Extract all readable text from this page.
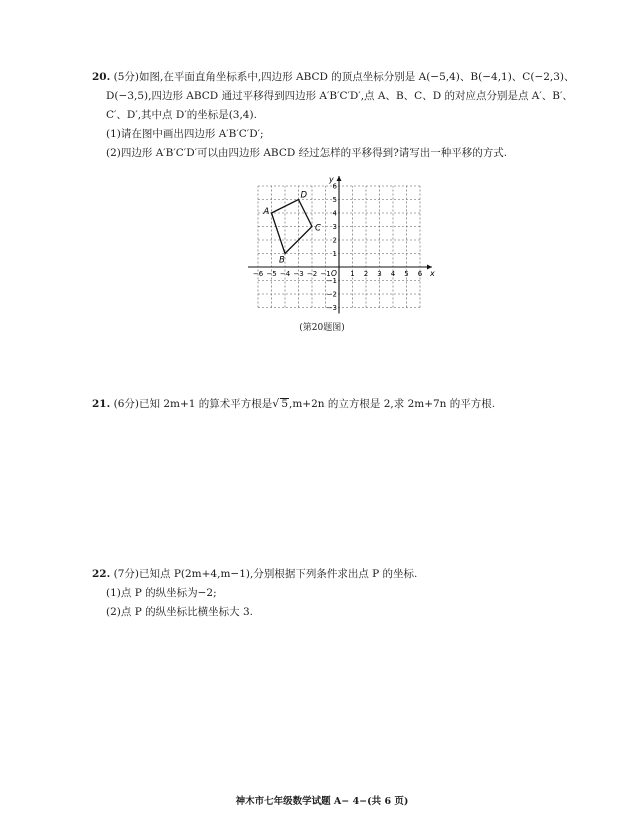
20. (5分)如图,在平面直角坐标系中,四边形 ABCD 的顶点坐标分别是 A(−5,4)、B(−4,1)、C(−2,3)、

D(−3,5),四边形 ABCD 通过平移得到四边形 A′B′C′D′,点 A、B、C、D 的对应点分别是点 A′、B′、

C′、D′,其中点 D′的坐标是(3,4).

(1)请在图中画出四边形 A′B′C′D′;

(2)四边形 A′B′C′D′可以由四边形 ABCD 经过怎样的平移得到?请写出一种平移的方式.

x
y
O
−6 −5 −4 −3 −2 −1	1 2 3 4 5 6
−3
−2
−1
1
2
3
4
5
6
A
B
C
D
(第20题图)

21. (6分)已知 2m+1 的算术平方根是√ 5,m+2n 的立方根是 2,求 2m+7n 的平方根.

22. (7分)已知点 P(2m+4,m−1),分别根据下列条件求出点 P 的坐标.

(1)点 P 的纵坐标为−2;

(2)点 P 的纵坐标比横坐标大 3.

神木市七年级数学试题 A− 4−(共 6 页)
